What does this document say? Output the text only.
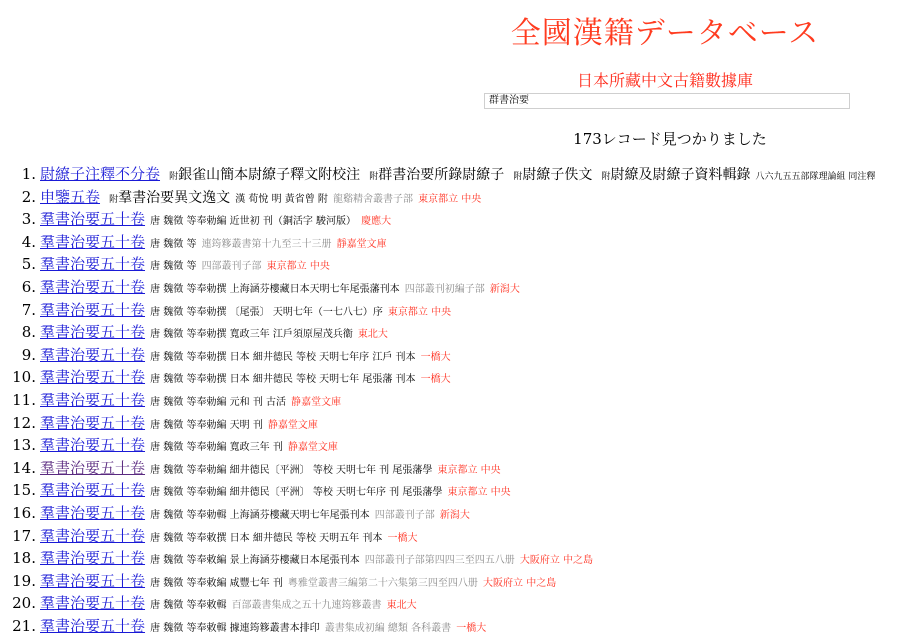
全國漢籍データベース
日本所藏中文古籍數據庫
群書治要
173レコード見つかりました
1. 尉繚子注釋不分卷 附銀雀山簡本尉繚子釋文附校注 附群書治要所錄尉繚子 附尉繚子佚文 附尉繚及尉繚子資料輯錄 八六九五五部隊理論組 同注釋
2. 申鑒五卷 附羣書治要異文逸文 漢 荀悅 明 黃省曾 附 龍谿精舍叢書子部 東京都立 中央
3. 羣書治要五十卷 唐 魏徵 等奉勅編 近世初 刊（銅活字 駿河版） 慶應大
4. 羣書治要五十卷 唐 魏徵 等 連筠簃叢書第十九至三十三册 靜嘉堂文庫
5. 羣書治要五十卷 唐 魏徵 等 四部叢刊子部 東京都立 中央
6. 羣書治要五十卷 唐 魏徵 等奉勅撰 上海涵芬樓藏日本天明七年尾張藩刊本 四部叢刊初編子部 新潟大
7. 羣書治要五十卷 唐 魏徵 等奉勅撰 〔尾張〕 天明七年（一七八七）序 東京都立 中央
8. 羣書治要五十卷 唐 魏徵 等奉勅撰 寬政三年 江戶須原屋茂兵衞 東北大
9. 羣書治要五十卷 唐 魏徵 等奉勅撰 日本 細井德民 等校 天明七年序 江戶 刊本 一橋大
10. 羣書治要五十卷 唐 魏徵 等奉勅撰 日本 細井德民 等校 天明七年 尾張藩 刊本 一橋大
11. 羣書治要五十卷 唐 魏徵 等奉勅編 元和 刊 古活 静嘉堂文庫
12. 羣書治要五十卷 唐 魏徵 等奉勅編 天明 刊 静嘉堂文庫
13. 羣書治要五十卷 唐 魏徵 等奉勅編 寬政三年 刊 静嘉堂文庫
14. 羣書治要五十卷 唐 魏徵 等奉勅編 細井德民〔平洲〕 等校 天明七年 刊 尾張藩學 東京都立 中央
15. 羣書治要五十卷 唐 魏徵 等奉勅編 細井德民〔平洲〕 等校 天明七年序 刊 尾張藩學 東京都立 中央
16. 羣書治要五十卷 唐 魏徵 等奉勅輯 上海涵芬樓藏天明七年尾張刊本 四部叢刊子部 新潟大
17. 羣書治要五十卷 唐 魏徵 等奉敕撰 日本 細井德民 等校 天明五年 刊本 一橋大
18. 羣書治要五十卷 唐 魏徵 等奉敕編 景上海涵芬樓藏日本尾張刊本 四部叢刊子部第四四三至四五八册 大阪府立 中之島
19. 羣書治要五十卷 唐 魏徵 等奉敕編 咸豐七年 刊 粵雅堂叢書三編第二十六集第三四至四八册 大阪府立 中之島
20. 羣書治要五十卷 唐 魏徵 等奉敕輯 百部叢書集成之五十九連筠簃叢書 東北大
21. 羣書治要五十卷 唐 魏徵 等奉敕輯 據連筠簃叢書本排印 叢書集成初編 總類 各科叢書 一橋大
